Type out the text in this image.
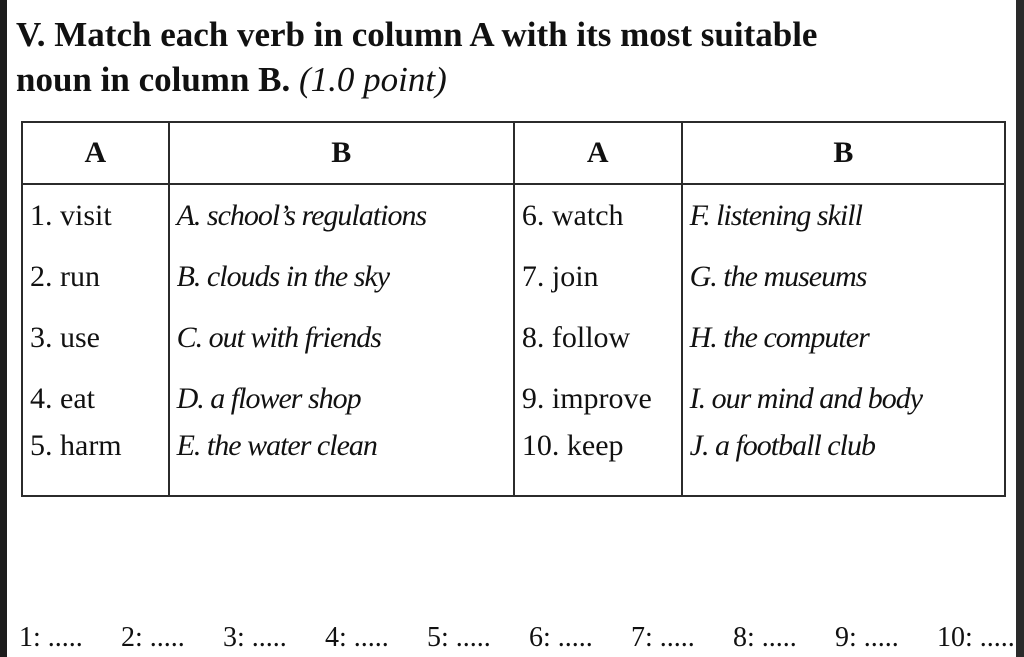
V. Match each verb in column A with its most suitable
noun in column B. (1.0 point)
A	B	A	B
1. visit	A. school’s regulations	6. watch	F. listening skill
2. run	B. clouds in the sky	7. join	G. the museums
3. use	C. out with friends	8. follow	H. the computer
4. eat	D. a flower shop	9. improve	I. our mind and body
5. harm	E. the water clean	10. keep	J. a football club
1: ..... 2: ..... 3: ..... 4: ..... 5: ..... 6: ..... 7: ..... 8: ..... 9: ..... 10: .....
